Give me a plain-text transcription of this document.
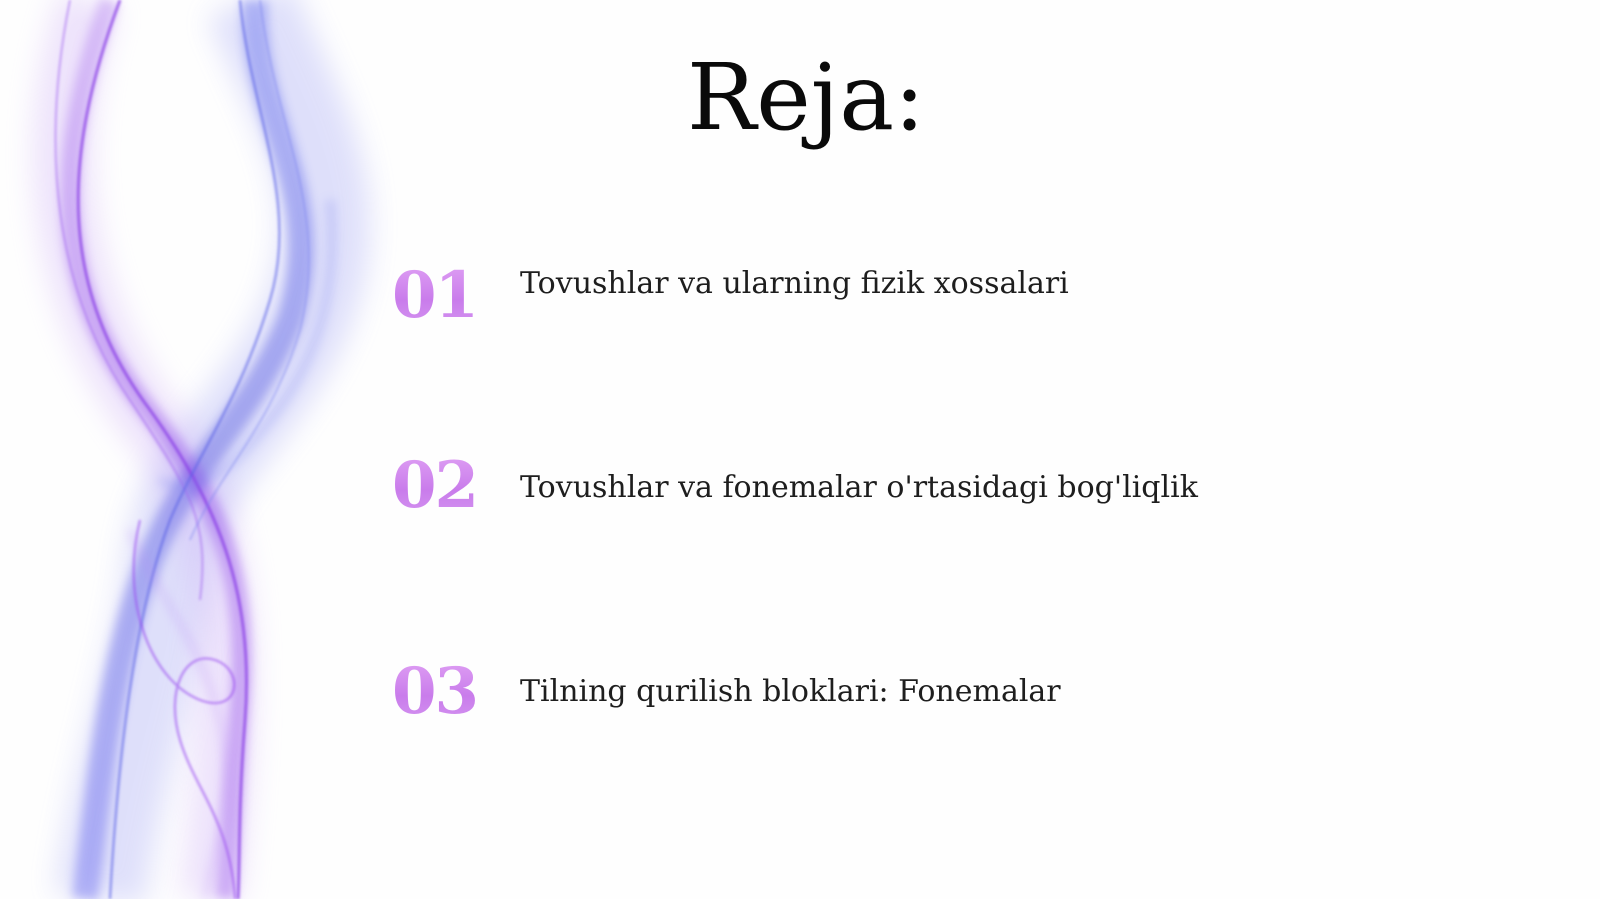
Reja:
01 Tovushlar va ularning fizik xossalari
02 Tovushlar va fonemalar o'rtasidagi bog'liqlik
03 Tilning qurilish bloklari: Fonemalar
